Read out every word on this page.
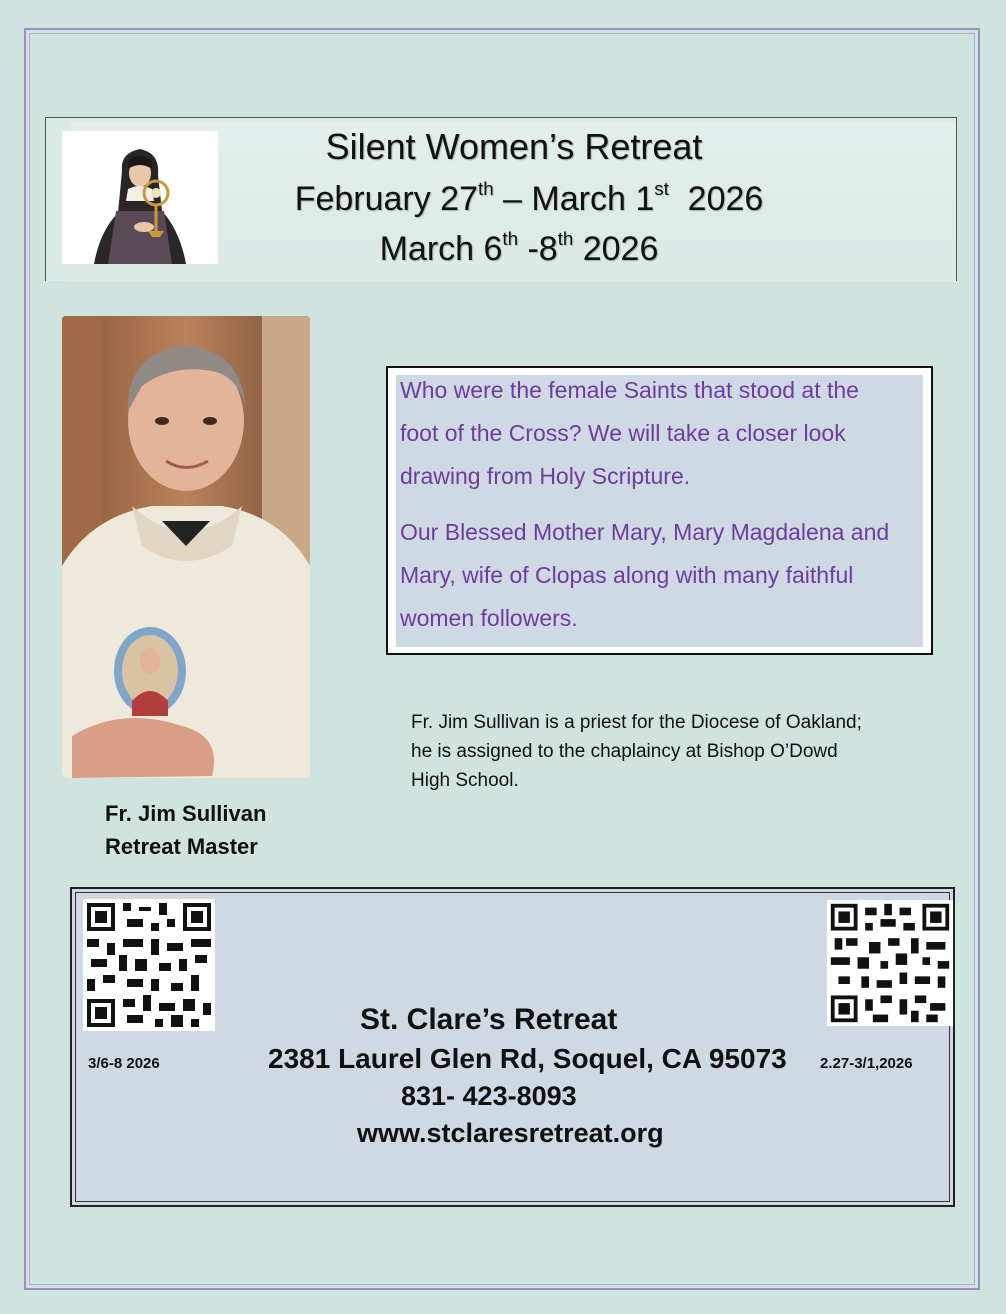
Silent Women’s Retreat
February 27th – March 1st  2026
March 6th -8th 2026
Fr. Jim Sullivan
Retreat Master
Who were the female Saints that stood at the foot of the Cross? We will take a closer look drawing from Holy Scripture.
Our Blessed Mother Mary, Mary Magdalena and Mary, wife of Clopas along with many faithful women followers.
Fr. Jim Sullivan is a priest for the Diocese of Oakland; he is assigned to the chaplaincy at Bishop O’Dowd High School.
St. Clare’s Retreat
2381 Laurel Glen Rd, Soquel, CA 95073
831- 423-8093
www.stclaresretreat.org
3/6-8 2026	2.27-3/1,2026
